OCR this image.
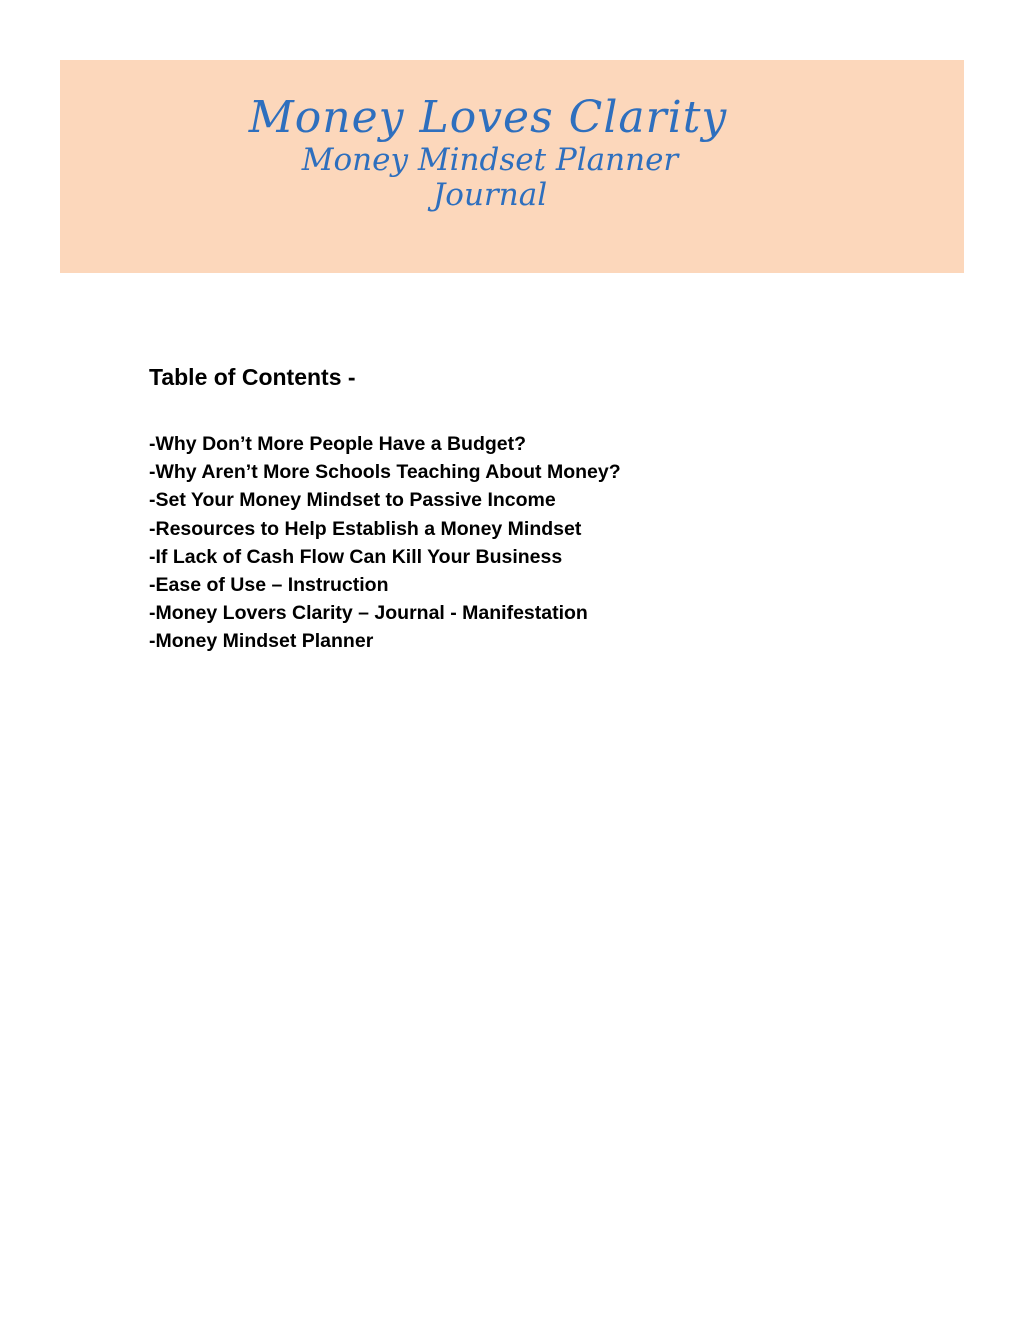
Money Loves Clarity
Money Mindset Planner
Journal
Table of Contents -
-Why Don’t More People Have a Budget?
-Why Aren’t More Schools Teaching About Money?
-Set Your Money Mindset to Passive Income
-Resources to Help Establish a Money Mindset
-If Lack of Cash Flow Can Kill Your Business
-Ease of Use – Instruction
-Money Lovers Clarity – Journal - Manifestation
-Money Mindset Planner
